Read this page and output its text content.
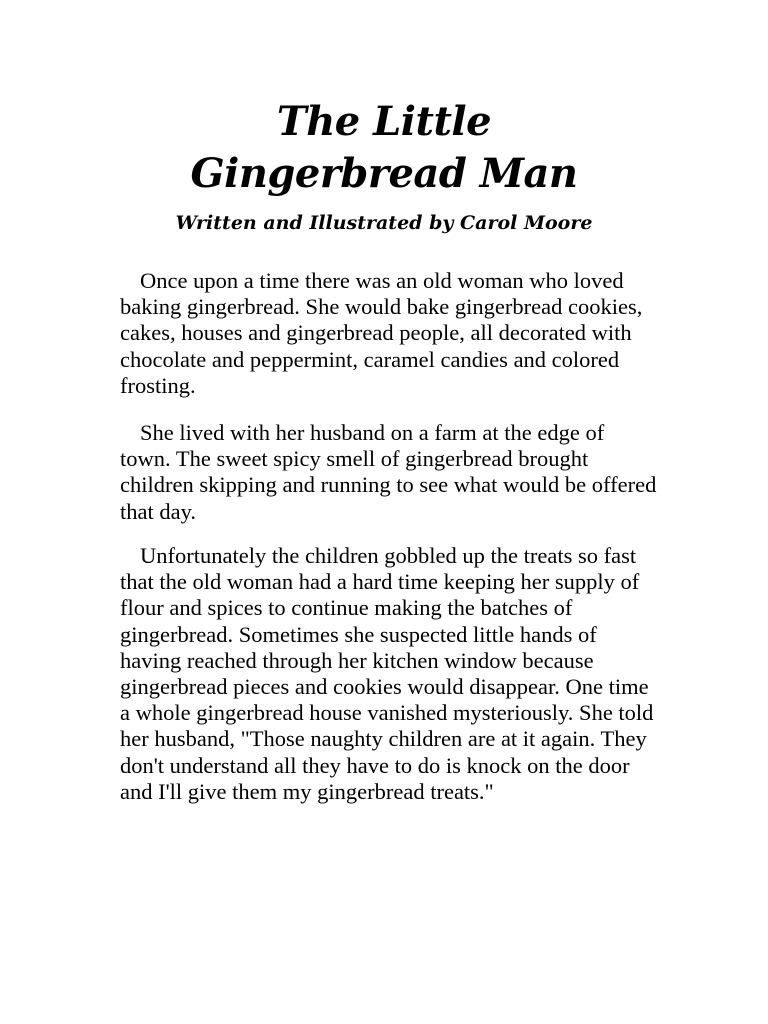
The Little
Gingerbread Man

Written and Illustrated by Carol Moore

Once upon a time there was an old woman who loved baking gingerbread. She would bake gingerbread cookies, cakes, houses and gingerbread people, all decorated with chocolate and peppermint, caramel candies and colored frosting.

She lived with her husband on a farm at the edge of town. The sweet spicy smell of gingerbread brought children skipping and running to see what would be offered that day.

Unfortunately the children gobbled up the treats so fast that the old woman had a hard time keeping her supply of flour and spices to continue making the batches of gingerbread. Sometimes she suspected little hands of having reached through her kitchen window because gingerbread pieces and cookies would disappear. One time a whole gingerbread house vanished mysteriously. She told her husband, "Those naughty children are at it again. They don't understand all they have to do is knock on the door and I'll give them my gingerbread treats."
